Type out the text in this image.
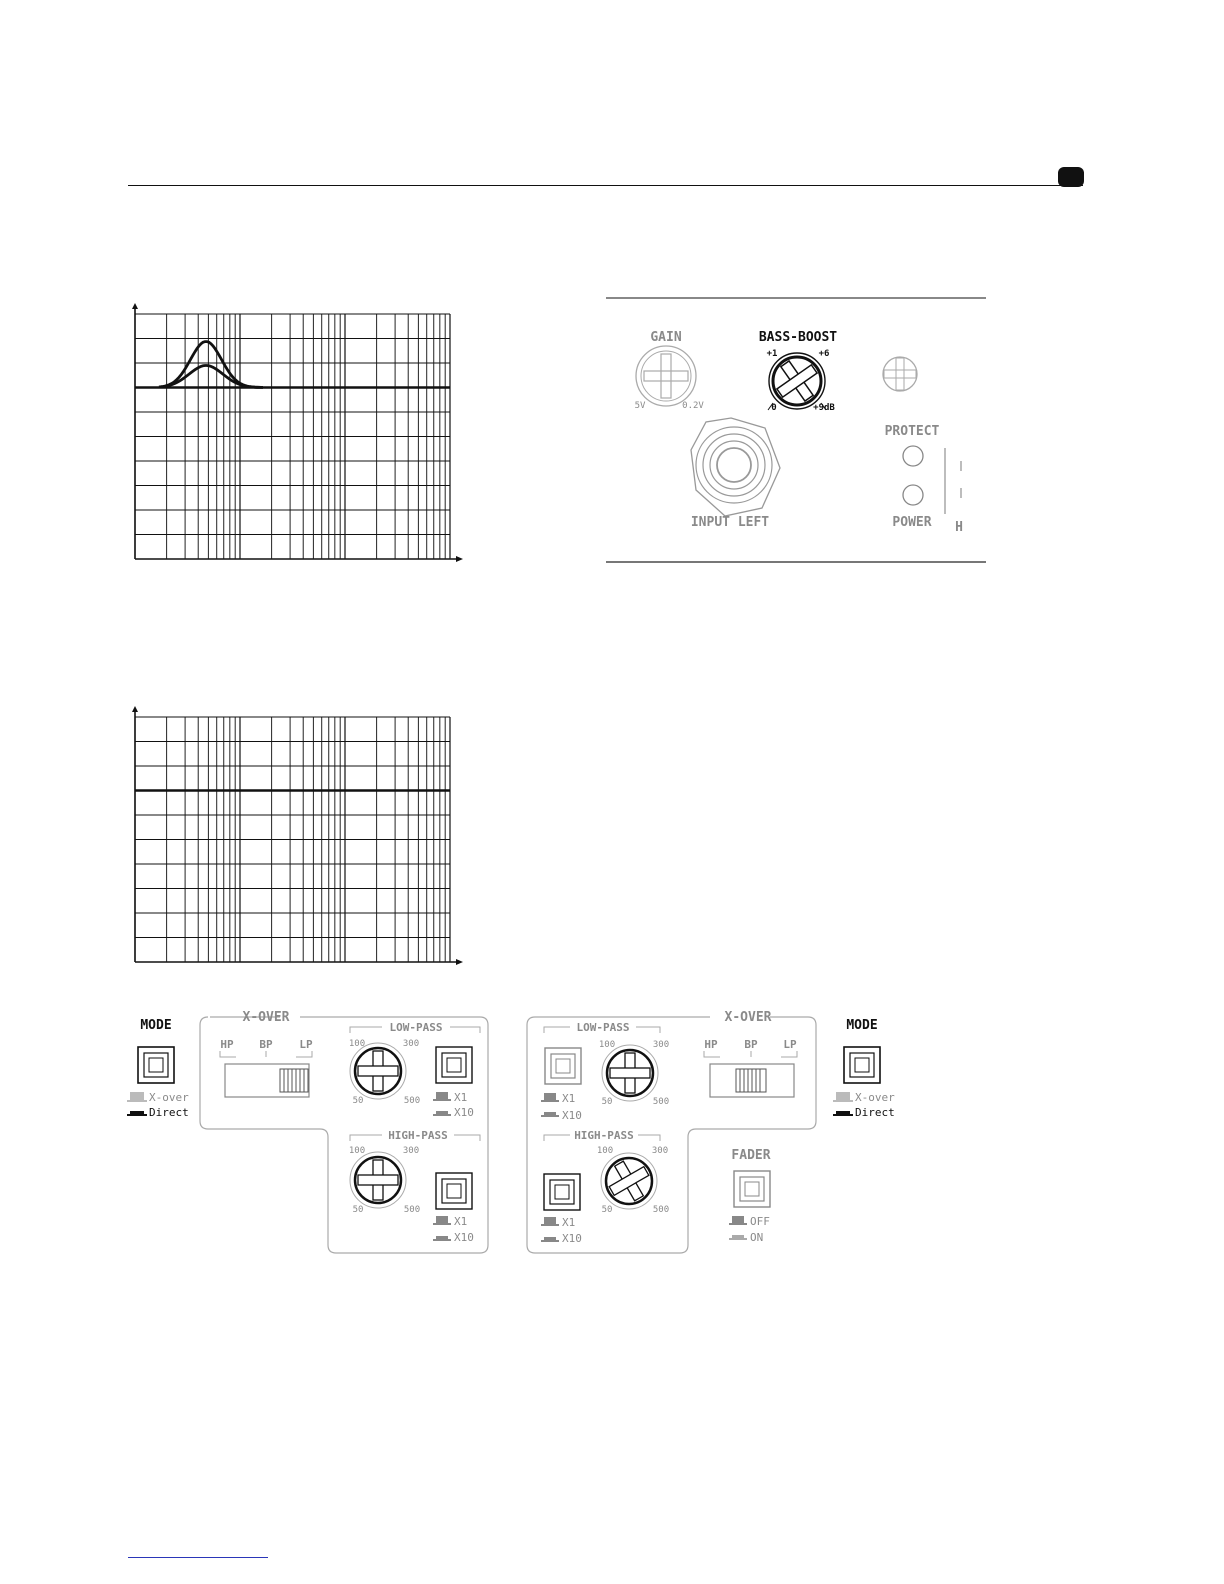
GAIN
5V	0.2V
BASS-BOOST
+1	+6
0	+9dB
INPUT LEFT
PROTECT
POWER H
MODE
X-over
Direct
X-OVER
HP BP LP
LOW-PASS
100	300
50	500	X1
X10
HIGH-PASS
100	300
50	500
X1
X10
X-OVER
LOW-PASS
X1
X10
100	300
50	500
HP BP LP
HIGH-PASS
X1
X10
100	300
50	500
FADER
OFF
ON
MODE
X-over
Direct
